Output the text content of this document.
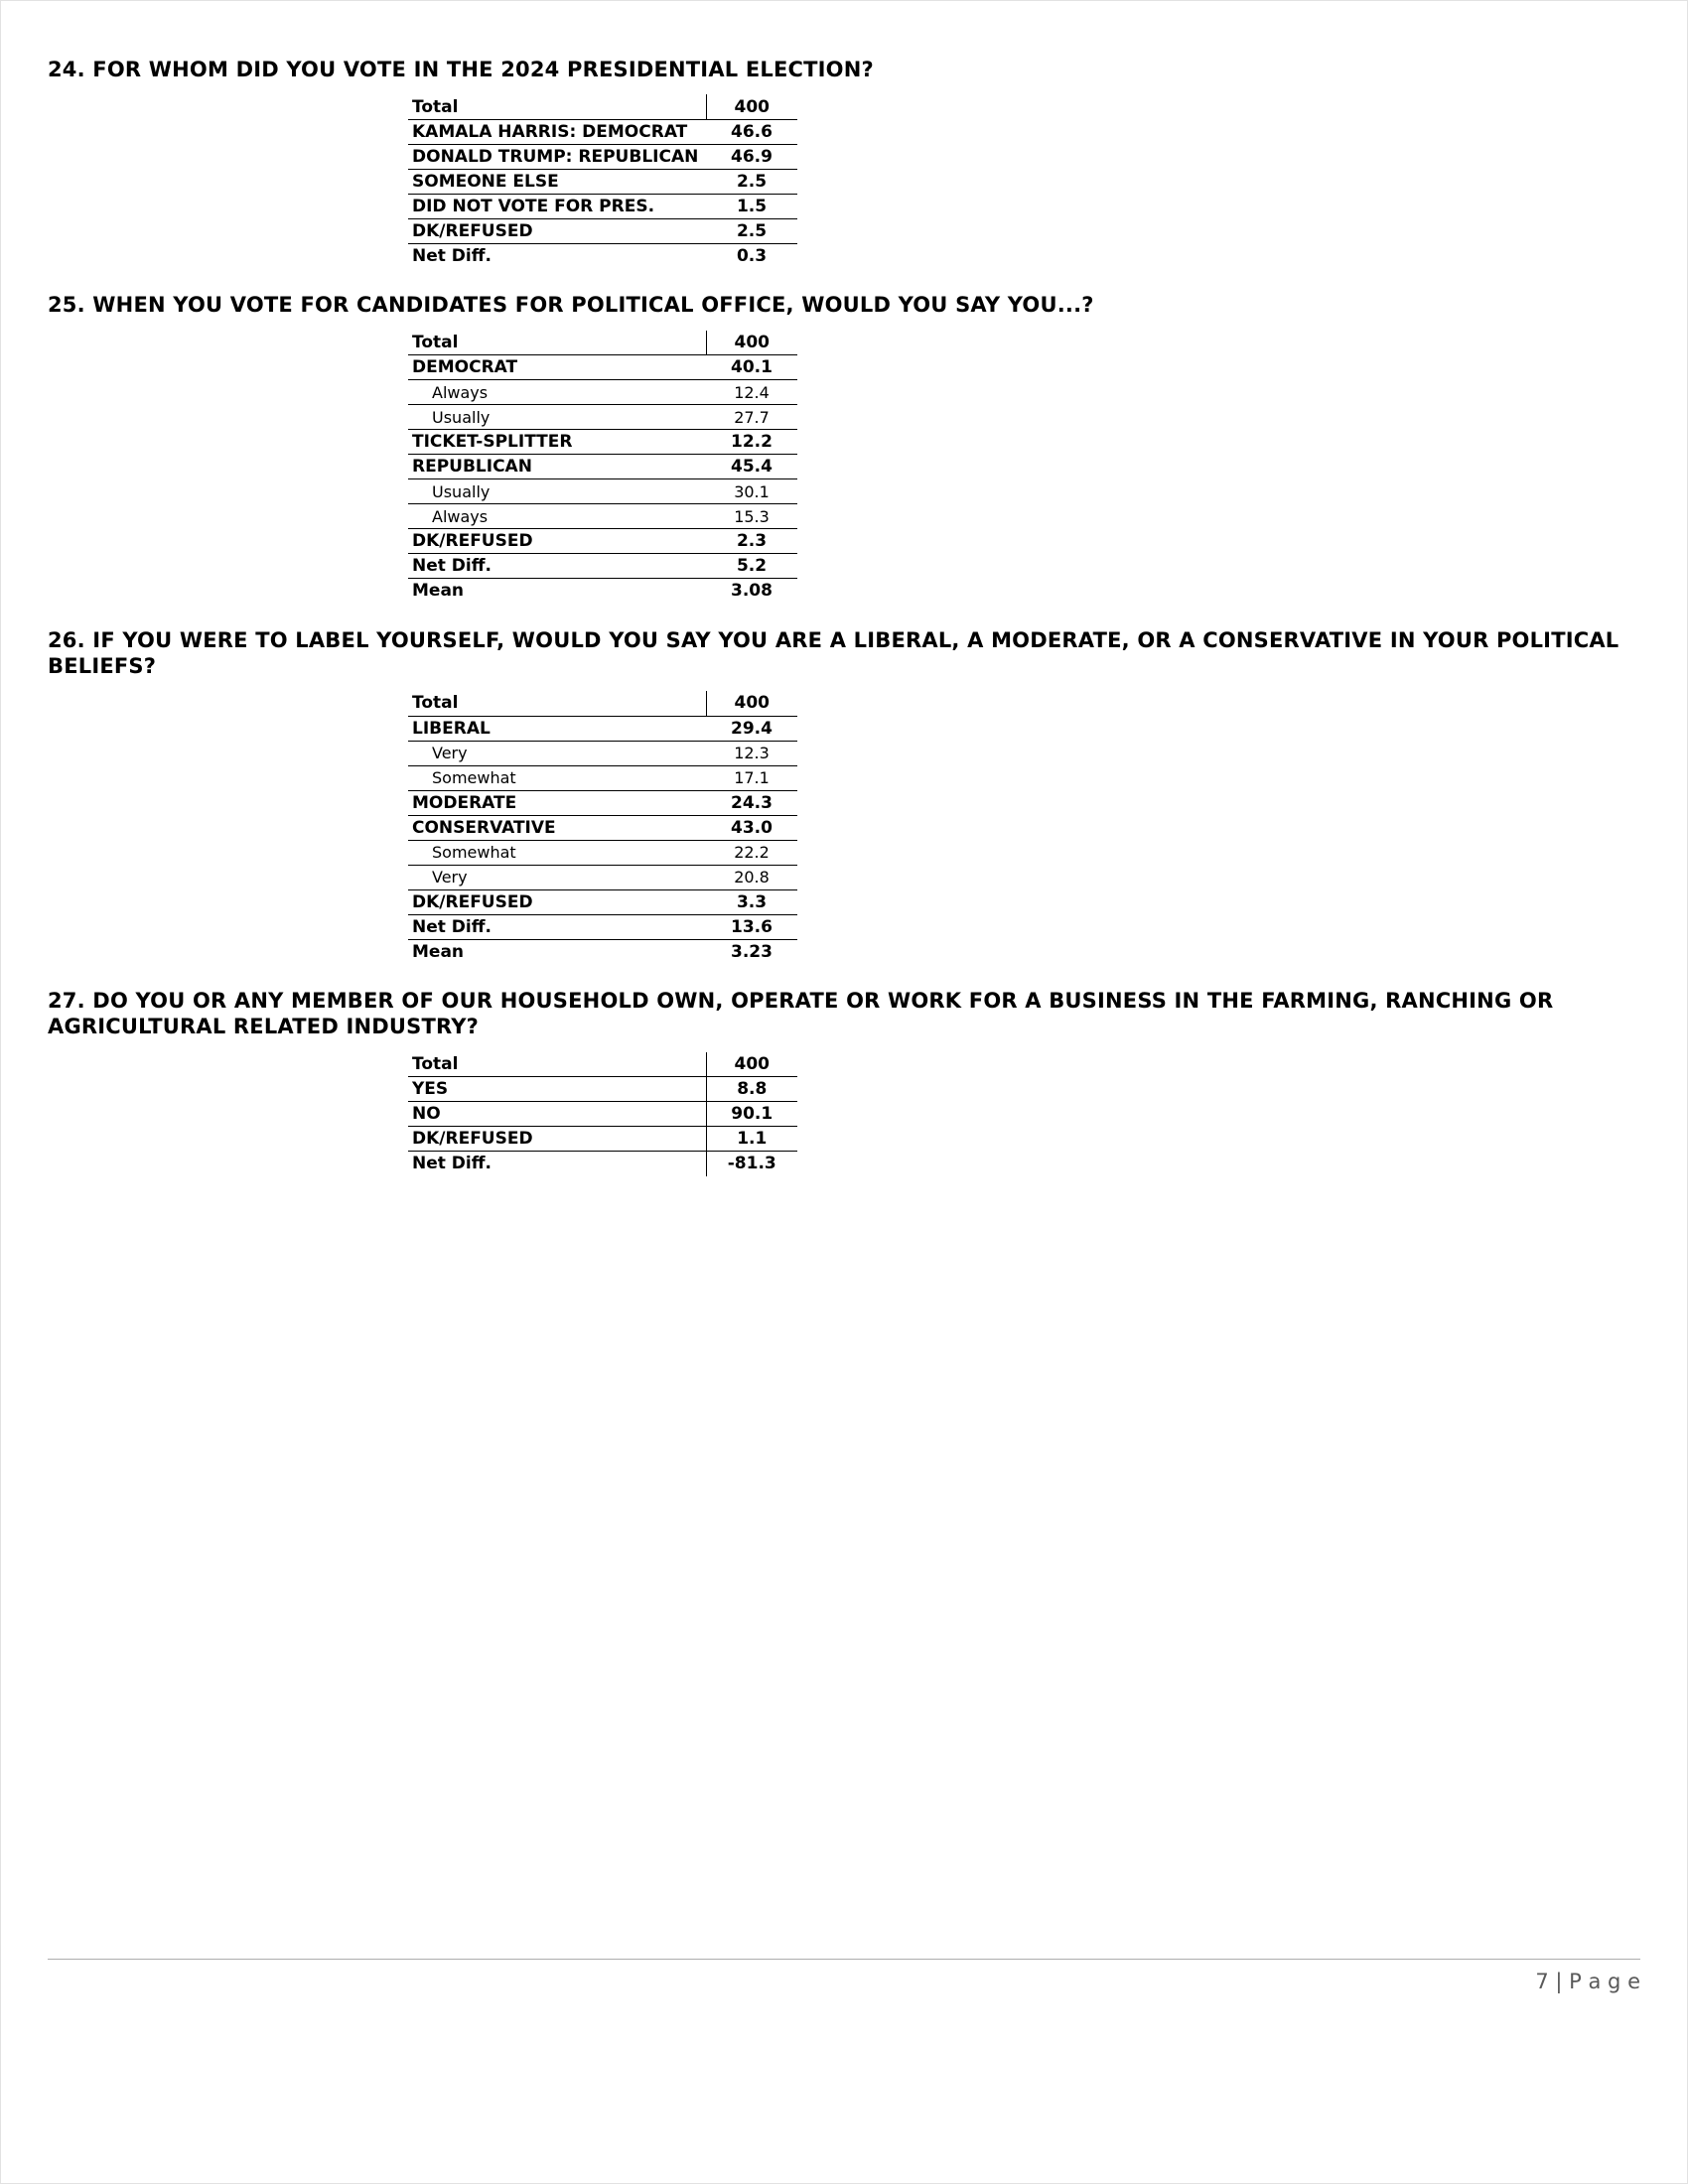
24. FOR WHOM DID YOU VOTE IN THE 2024 PRESIDENTIAL ELECTION?
Total	400
KAMALA HARRIS: DEMOCRAT	46.6
DONALD TRUMP: REPUBLICAN	46.9
SOMEONE ELSE	2.5
DID NOT VOTE FOR PRES.	1.5
DK/REFUSED	2.5
Net Diff.	0.3
25. WHEN YOU VOTE FOR CANDIDATES FOR POLITICAL OFFICE, WOULD YOU SAY YOU...?
Total	400
DEMOCRAT	40.1
Always	12.4
Usually	27.7
TICKET-SPLITTER	12.2
REPUBLICAN	45.4
Usually	30.1
Always	15.3
DK/REFUSED	2.3
Net Diff.	5.2
Mean	3.08
26. IF YOU WERE TO LABEL YOURSELF, WOULD YOU SAY YOU ARE A LIBERAL, A MODERATE, OR A CONSERVATIVE IN YOUR POLITICAL BELIEFS?
Total	400
LIBERAL	29.4
Very	12.3
Somewhat	17.1
MODERATE	24.3
CONSERVATIVE	43.0
Somewhat	22.2
Very	20.8
DK/REFUSED	3.3
Net Diff.	13.6
Mean	3.23
27. DO YOU OR ANY MEMBER OF OUR HOUSEHOLD OWN, OPERATE OR WORK FOR A BUSINESS IN THE FARMING, RANCHING OR AGRICULTURAL RELATED INDUSTRY?
Total	400
YES	8.8
NO	90.1
DK/REFUSED	1.1
Net Diff.	-81.3
7 | P a g e
